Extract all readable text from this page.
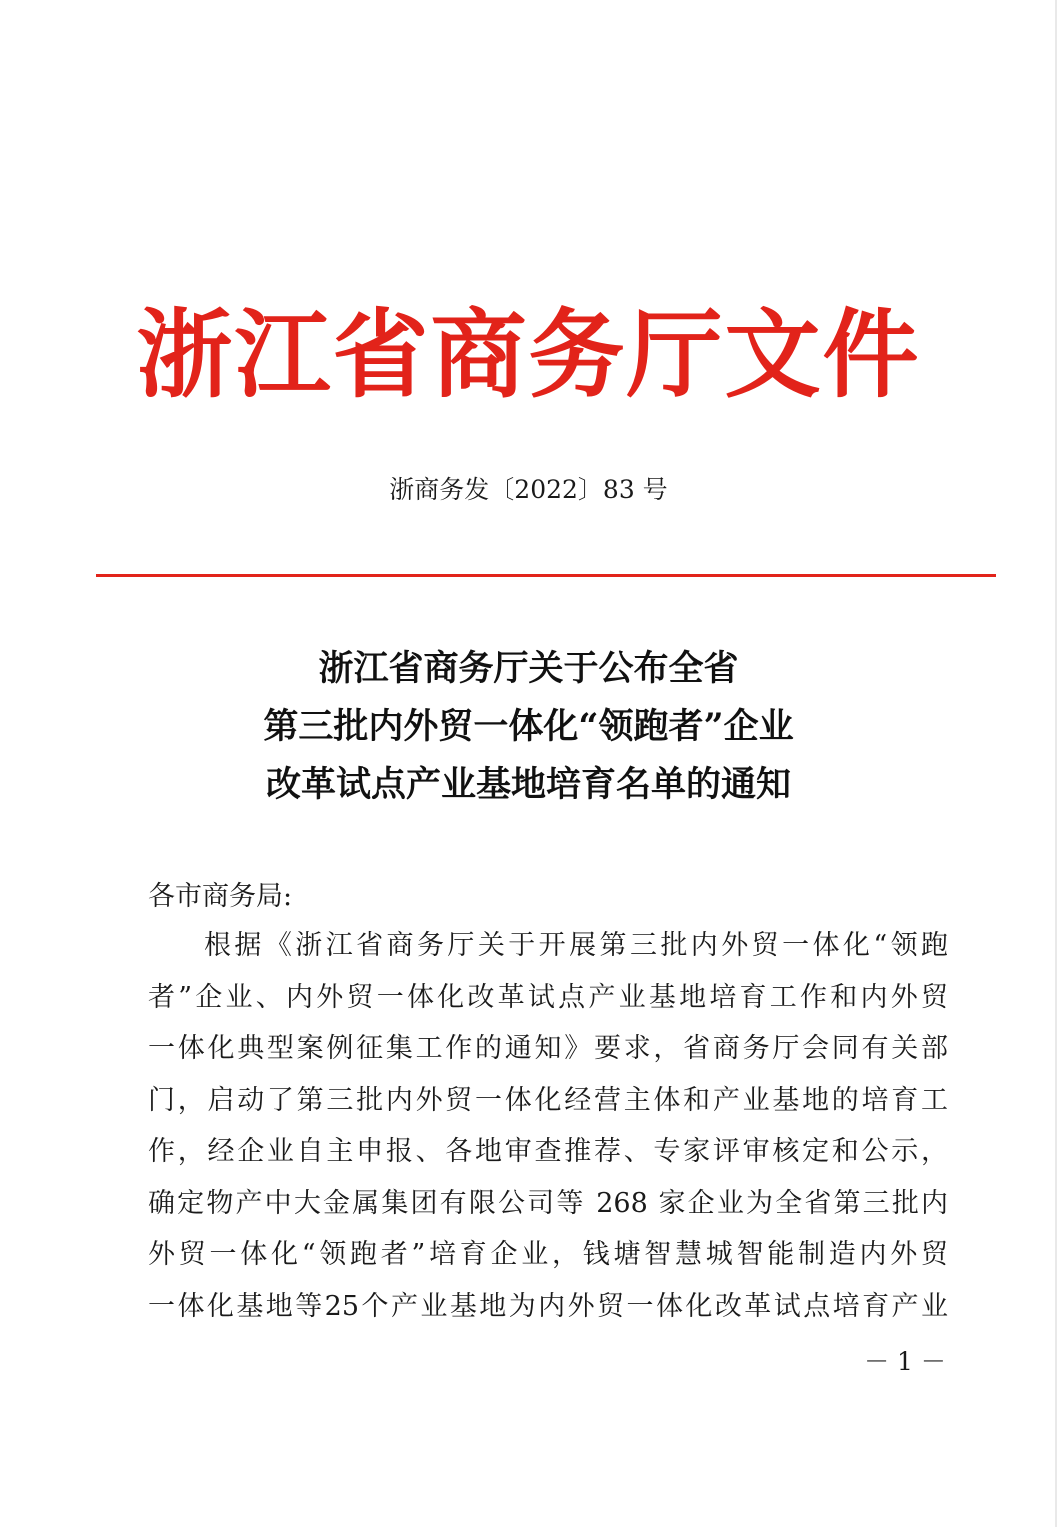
浙江省商务厅文件
浙商务发〔2022〕83 号
浙江省商务厅关于公布全省
第三批内外贸一体化“领跑者”企业
改革试点产业基地培育名单的通知
各市商务局:
根据《浙江省商务厅关于开展第三批内外贸一体化“领跑
者”企业、内外贸一体化改革试点产业基地培育工作和内外贸
一体化典型案例征集工作的通知》要求，省商务厅会同有关部
门，启动了第三批内外贸一体化经营主体和产业基地的培育工
作，经企业自主申报、各地审查推荐、专家评审核定和公示，
确定物产中大金属集团有限公司等 268 家企业为全省第三批内
外贸一体化“领跑者”培育企业，钱塘智慧城智能制造内外贸
一体化基地等25个产业基地为内外贸一体化改革试点培育产业
－ 1 －
